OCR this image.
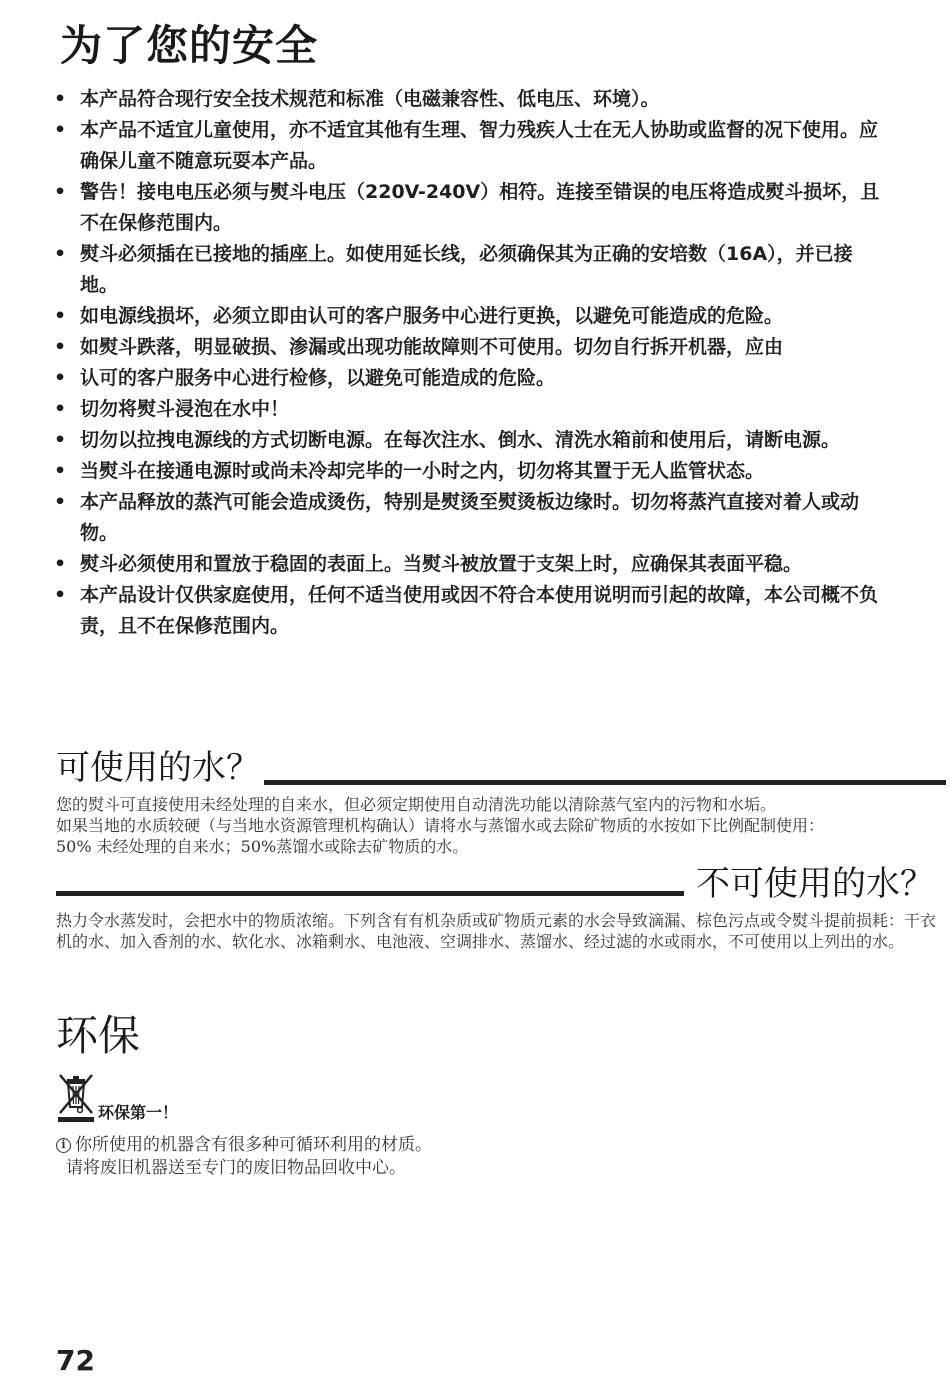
为了您的安全
• 本产品符合现行安全技术规范和标准（电磁兼容性、低电压、环境）。
• 本产品不适宜儿童使用，亦不适宜其他有生理、智力残疾人士在无人协助或监督的况下使用。应确保儿童不随意玩耍本产品。
• 警告！接电电压必须与熨斗电压（220V-240V）相符。连接至错误的电压将造成熨斗损坏，且不在保修范围内。
• 熨斗必须插在已接地的插座上。如使用延长线，必须确保其为正确的安培数（16A），并已接地。
• 如电源线损坏，必须立即由认可的客户服务中心进行更换，以避免可能造成的危险。
• 如熨斗跌落，明显破损、渗漏或出现功能故障则不可使用。切勿自行拆开机器，应由
• 认可的客户服务中心进行检修，以避免可能造成的危险。
• 切勿将熨斗浸泡在水中！
• 切勿以拉拽电源线的方式切断电源。在每次注水、倒水、清洗水箱前和使用后，请断电源。
• 当熨斗在接通电源时或尚未冷却完毕的一小时之内，切勿将其置于无人监管状态。
• 本产品释放的蒸汽可能会造成烫伤，特别是熨烫至熨烫板边缘时。切勿将蒸汽直接对着人或动物。
• 熨斗必须使用和置放于稳固的表面上。当熨斗被放置于支架上时，应确保其表面平稳。
• 本产品设计仅供家庭使用，任何不适当使用或因不符合本使用说明而引起的故障，本公司概不负责，且不在保修范围内。
可使用的水？

您的熨斗可直接使用未经处理的自来水，但必须定期使用自动清洗功能以清除蒸气室内的污物和水垢。

如果当地的水质较硬（与当地水资源管理机构确认）请将水与蒸馏水或去除矿物质的水按如下比例配制使用：

50% 未经处理的自来水；50%蒸馏水或除去矿物质的水。

不可使用的水？

热力令水蒸发时，会把水中的物质浓缩。下列含有有机杂质或矿物质元素的水会导致滴漏、棕色污点或令熨斗提前损耗：干衣机的水、加入香剂的水、软化水、冰箱剩水、电池液、空调排水、蒸馏水、经过滤的水或雨水，不可使用以上列出的水。

环保
环保第一！
i 你所使用的机器含有很多种可循环利用的材质。
请将废旧机器送至专门的废旧物品回收中心。
72
